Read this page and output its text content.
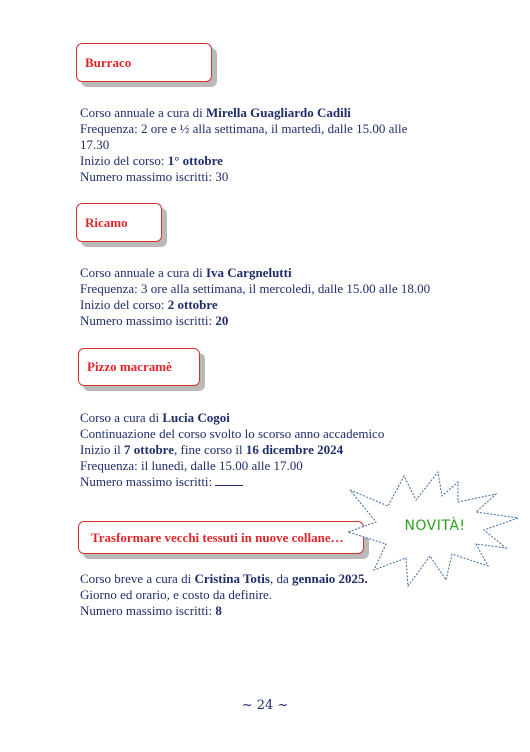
Burraco
Corso annuale a cura di Mirella Guagliardo Cadili
Frequenza: 2 ore e ½ alla settimana, il martedì, dalle 15.00 alle
17.30
Inizio del corso: 1° ottobre
Numero massimo iscritti: 30
Ricamo
Corso annuale a cura di Iva Cargnelutti
Frequenza: 3 ore alla settimana, il mercoledì, dalle 15.00 alle 18.00
Inizio del corso: 2 ottobre
Numero massimo iscritti: 20
Pizzo macramè
Corso a cura di Lucia Cogoi
Continuazione del corso svolto lo scorso anno accademico
Inizio il 7 ottobre, fine corso il 16 dicembre 2024
Frequenza: il lunedì, dalle 15.00 alle 17.00
Numero massimo iscritti:
Trasformare vecchi tessuti in nuove collane…
Corso breve a cura di Cristina Totis, da gennaio 2025.
Giorno ed orario, e costo da definire.
Numero massimo iscritti: 8
NOVITÀ!
~ 24 ~
